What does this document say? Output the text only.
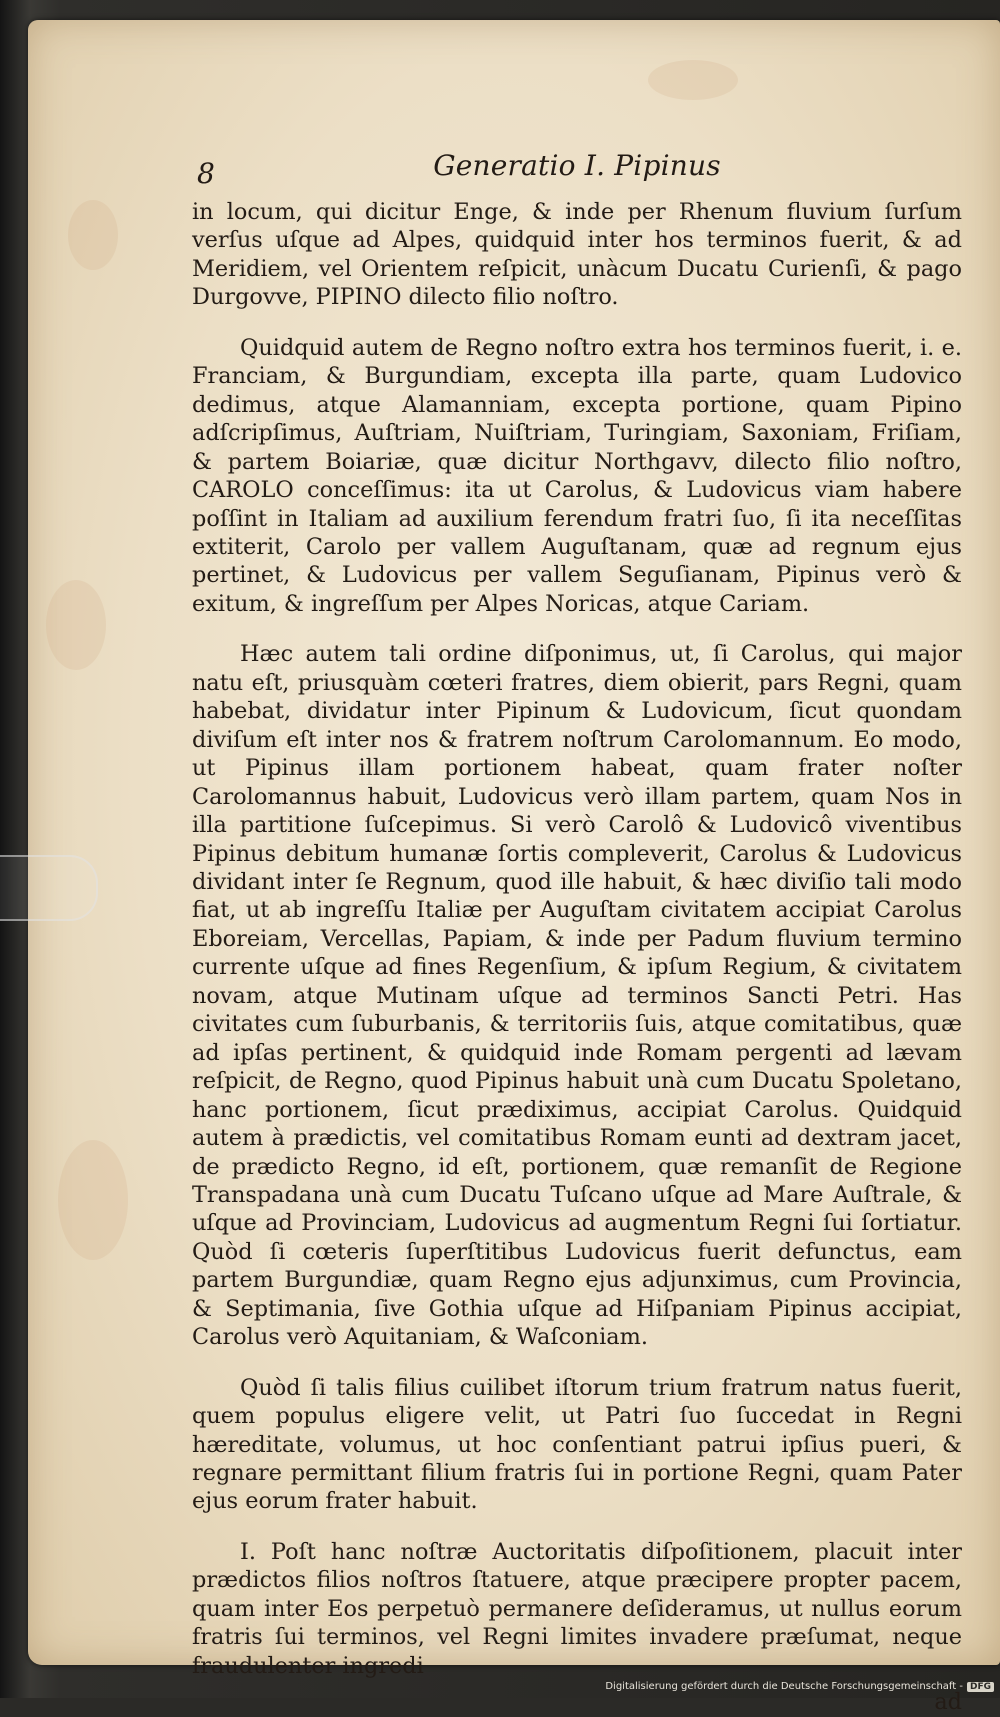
8	Generatio I. Pipinus

in locum, qui dicitur Enge, & inde per Rhenum fluvium ſurſum verſus uſque ad Alpes, quidquid inter hos terminos fuerit, & ad Meridiem, vel Orientem reſpicit, unàcum Ducatu Curienſi, & pago Durgovve, PIPINO dilecto filio noſtro.

Quidquid autem de Regno noſtro extra hos terminos fuerit, i. e. Franciam, & Burgundiam, excepta illa parte, quam Ludovico dedimus, atque Alamanniam, excepta portione, quam Pipino adſcripſimus, Auſtriam, Nuiſtriam, Turingiam, Saxoniam, Friſiam, & partem Boiariæ, quæ dicitur Northgavv, dilecto filio noſtro, CAROLO conceſſimus: ita ut Carolus, & Ludovicus viam habere poſſint in Italiam ad auxilium ferendum fratri ſuo, ſi ita neceſſitas extiterit, Carolo per vallem Auguſtanam, quæ ad regnum ejus pertinet, & Ludovicus per vallem Seguſianam, Pipinus verò & exitum, & ingreſſum per Alpes Noricas, atque Cariam.

Hæc autem tali ordine diſponimus, ut, ſi Carolus, qui major natu eſt, priusquàm cœteri fratres, diem obierit, pars Regni, quam habebat, dividatur inter Pipinum & Ludovicum, ſicut quondam diviſum eſt inter nos & fratrem noſtrum Carolomannum. Eo modo, ut Pipinus illam portionem habeat, quam frater noſter Carolomannus habuit, Ludovicus verò illam partem, quam Nos in illa partitione ſuſcepimus. Si verò Carolô & Ludovicô viventibus Pipinus debitum humanæ ſortis compleverit, Carolus & Ludovicus dividant inter ſe Regnum, quod ille habuit, & hæc diviſio tali modo fiat, ut ab ingreſſu Italiæ per Auguſtam civitatem accipiat Carolus Eboreiam, Vercellas, Papiam, & inde per Padum fluvium termino currente uſque ad fines Regenſium, & ipſum Regium, & civitatem novam, atque Mutinam uſque ad terminos Sancti Petri. Has civitates cum ſuburbanis, & territoriis ſuis, atque comitatibus, quæ ad ipſas pertinent, & quidquid inde Romam pergenti ad lævam reſpicit, de Regno, quod Pipinus habuit unà cum Ducatu Spoletano, hanc portionem, ſicut prædiximus, accipiat Carolus. Quidquid autem à prædictis, vel comitatibus Romam eunti ad dextram jacet, de prædicto Regno, id eſt, portionem, quæ remanſit de Regione Transpadana unà cum Ducatu Tuſcano uſque ad Mare Auſtrale, & uſque ad Provinciam, Ludovicus ad augmentum Regni ſui ſortiatur. Quòd ſi cœteris ſuperſtitibus Ludovicus fuerit defunctus, eam partem Burgundiæ, quam Regno ejus adjunximus, cum Provincia, & Septimania, ſive Gothia uſque ad Hiſpaniam Pipinus accipiat, Carolus verò Aquitaniam, & Waſconiam.

Quòd ſi talis filius cuilibet iſtorum trium fratrum natus fuerit, quem populus eligere velit, ut Patri ſuo ſuccedat in Regni hæreditate, volumus, ut hoc conſentiant patrui ipſius pueri, & regnare permittant filium fratris ſui in portione Regni, quam Pater ejus eorum frater habuit.

I. Poſt hanc noſtræ Auctoritatis diſpoſitionem, placuit inter prædictos filios noſtros ſtatuere, atque præcipere propter pacem, quam inter Eos perpetuò permanere deſideramus, ut nullus eorum fratris ſui terminos, vel Regni limites invadere præſumat, neque fraudulenter ingredi

ad
Digitalisierung gefördert durch die Deutsche Forschungsgemeinschaft - DFG
